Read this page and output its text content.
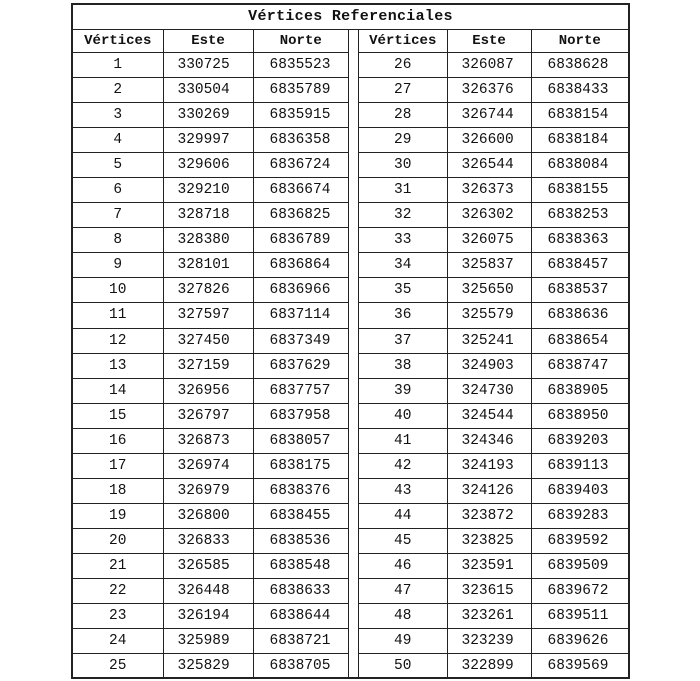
Vértices Referenciales
Vértices	Este	Norte
1	330725	6835523
2	330504	6835789
3	330269	6835915
4	329997	6836358
5	329606	6836724
6	329210	6836674
7	328718	6836825
8	328380	6836789
9	328101	6836864
10	327826	6836966
11	327597	6837114
12	327450	6837349
13	327159	6837629
14	326956	6837757
15	326797	6837958
16	326873	6838057
17	326974	6838175
18	326979	6838376
19	326800	6838455
20	326833	6838536
21	326585	6838548
22	326448	6838633
23	326194	6838644
24	325989	6838721
25	325829	6838705
Vértices	Este	Norte
26	326087	6838628
27	326376	6838433
28	326744	6838154
29	326600	6838184
30	326544	6838084
31	326373	6838155
32	326302	6838253
33	326075	6838363
34	325837	6838457
35	325650	6838537
36	325579	6838636
37	325241	6838654
38	324903	6838747
39	324730	6838905
40	324544	6838950
41	324346	6839203
42	324193	6839113
43	324126	6839403
44	323872	6839283
45	323825	6839592
46	323591	6839509
47	323615	6839672
48	323261	6839511
49	323239	6839626
50	322899	6839569
